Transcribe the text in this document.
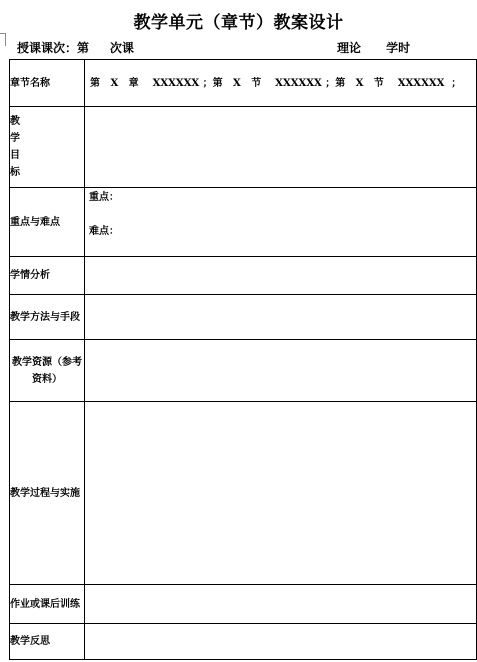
教学单元（章节）教案设计
授课课次：第     次课	理论      学时
章节名称	第   X   章    XXXXXX ；第   X   节    XXXXXX ；第   X   节    XXXXXX  ；

教
学
目
标	

重点与难点	重点：
难点：

学情分析	
教学方法与手段	
教学资源（参考资料）	
教学过程与实施	
作业或课后训练	
教学反思	
